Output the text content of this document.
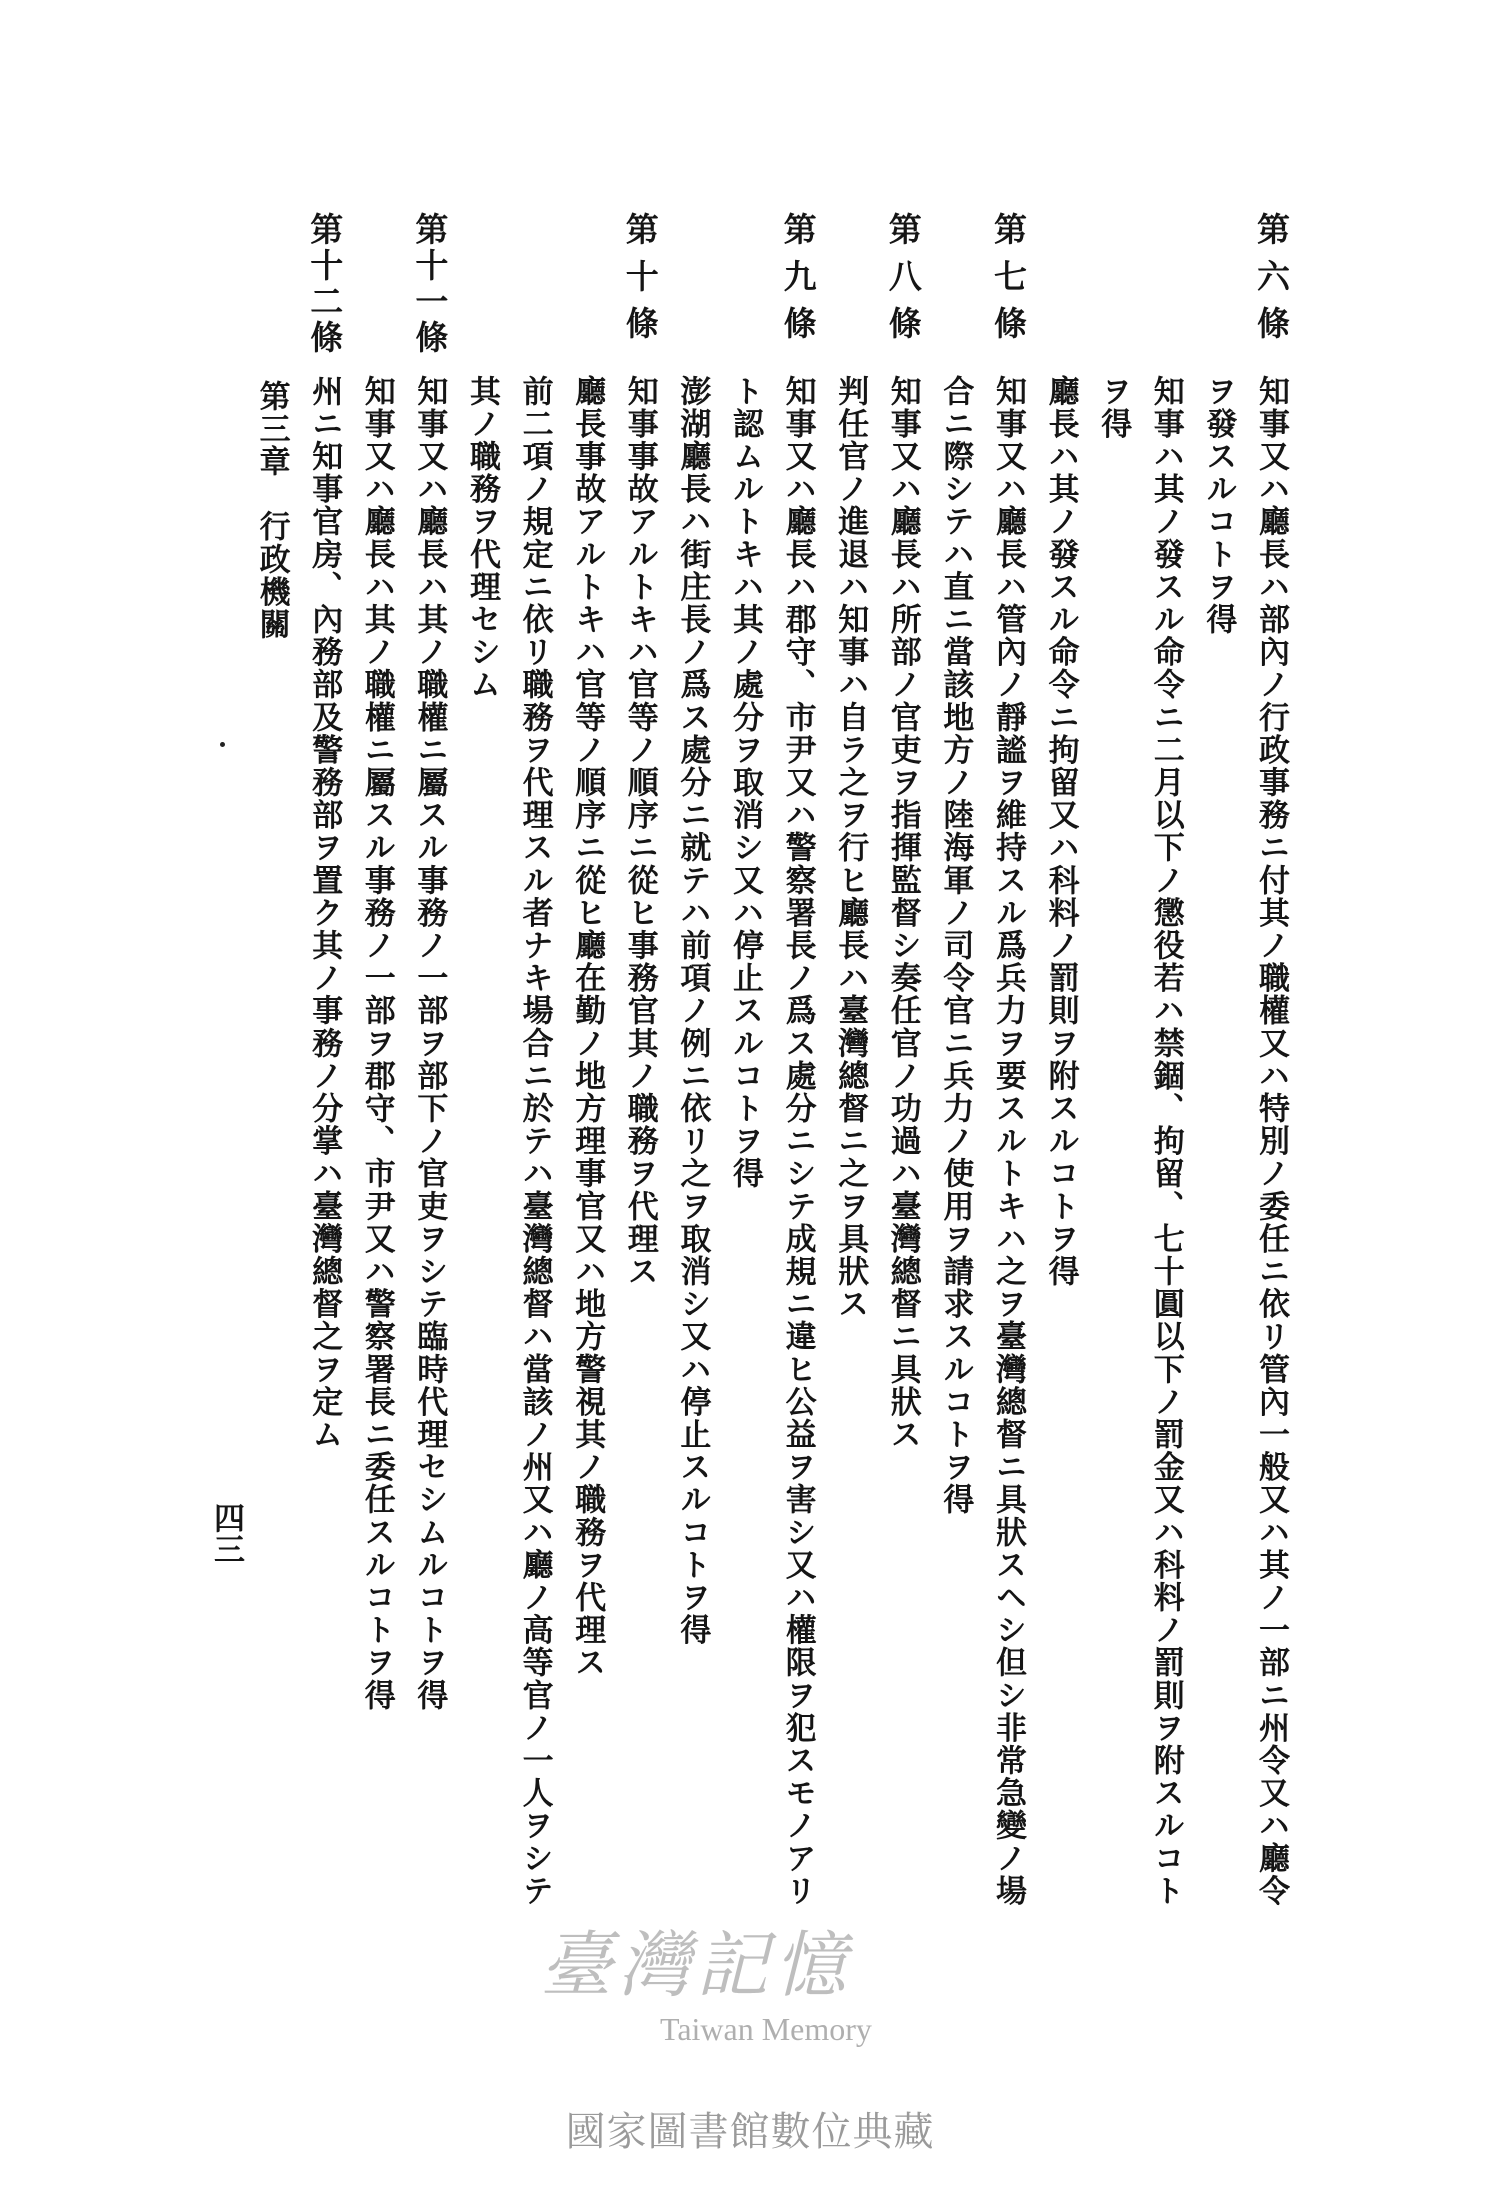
第六條
知事又ハ廳長ハ部內ノ行政事務ニ付其ノ職權又ハ特別ノ委任ニ依リ管內一般又ハ其ノ一部ニ州令又ハ廳令
ヲ發スルコトヲ得
知事ハ其ノ發スル命令ニ二月以下ノ懲役若ハ禁錮、拘留、七十圓以下ノ罰金又ハ科料ノ罰則ヲ附スルコト
ヲ得
廳長ハ其ノ發スル命令ニ拘留又ハ科料ノ罰則ヲ附スルコトヲ得
第七條
知事又ハ廳長ハ管內ノ靜謐ヲ維持スル爲兵力ヲ要スルトキハ之ヲ臺灣總督ニ具狀スヘシ但シ非常急變ノ場
合ニ際シテハ直ニ當該地方ノ陸海軍ノ司令官ニ兵力ノ使用ヲ請求スルコトヲ得
第八條
知事又ハ廳長ハ所部ノ官吏ヲ指揮監督シ奏任官ノ功過ハ臺灣總督ニ具狀ス
判任官ノ進退ハ知事ハ自ラ之ヲ行ヒ廳長ハ臺灣總督ニ之ヲ具狀ス
第九條
知事又ハ廳長ハ郡守、市尹又ハ警察署長ノ爲ス處分ニシテ成規ニ違ヒ公益ヲ害シ又ハ權限ヲ犯スモノアリ
ト認ムルトキハ其ノ處分ヲ取消シ又ハ停止スルコトヲ得
澎湖廳長ハ街庄長ノ爲ス處分ニ就テハ前項ノ例ニ依リ之ヲ取消シ又ハ停止スルコトヲ得
第十條
知事事故アルトキハ官等ノ順序ニ從ヒ事務官其ノ職務ヲ代理ス
廳長事故アルトキハ官等ノ順序ニ從ヒ廳在勤ノ地方理事官又ハ地方警視其ノ職務ヲ代理ス
前二項ノ規定ニ依リ職務ヲ代理スル者ナキ場合ニ於テハ臺灣總督ハ當該ノ州又ハ廳ノ高等官ノ一人ヲシテ
其ノ職務ヲ代理セシム
第十一條
知事又ハ廳長ハ其ノ職權ニ屬スル事務ノ一部ヲ部下ノ官吏ヲシテ臨時代理セシムルコトヲ得
知事又ハ廳長ハ其ノ職權ニ屬スル事務ノ一部ヲ郡守、市尹又ハ警察署長ニ委任スルコトヲ得
第十二條
州ニ知事官房、內務部及警務部ヲ置ク其ノ事務ノ分掌ハ臺灣總督之ヲ定ム
第三章　行政機關
四三
臺灣記憶
Taiwan Memory
國家圖書館數位典藏
